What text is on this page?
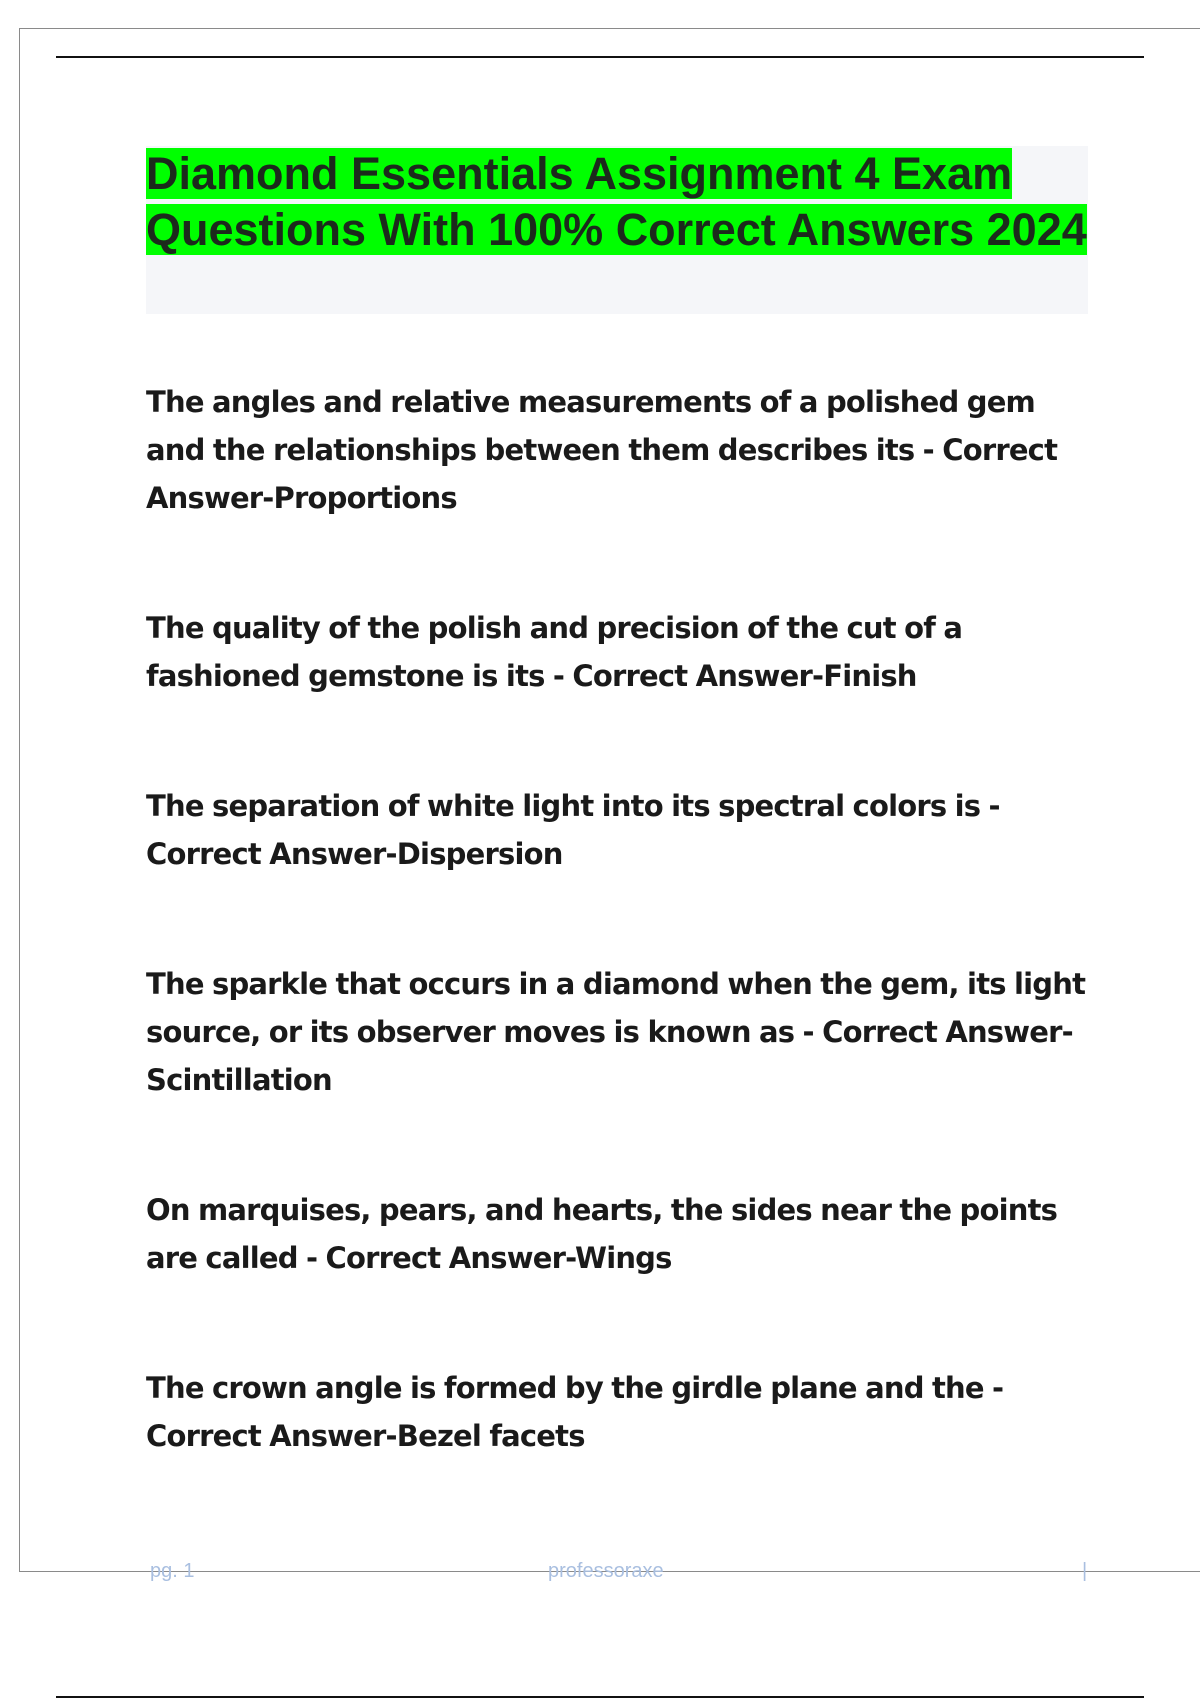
Diamond Essentials Assignment 4 Exam Questions With 100% Correct Answers 2024

The angles and relative measurements of a polished gem and the relationships between them describes its - Correct Answer-Proportions

The quality of the polish and precision of the cut of a fashioned gemstone is its - Correct Answer-Finish

The separation of white light into its spectral colors is - Correct Answer-Dispersion

The sparkle that occurs in a diamond when the gem, its light source, or its observer moves is known as - Correct Answer-Scintillation

On marquises, pears, and hearts, the sides near the points are called - Correct Answer-Wings

The crown angle is formed by the girdle plane and the - Correct Answer-Bezel facets

pg. 1	professoraxe	|
